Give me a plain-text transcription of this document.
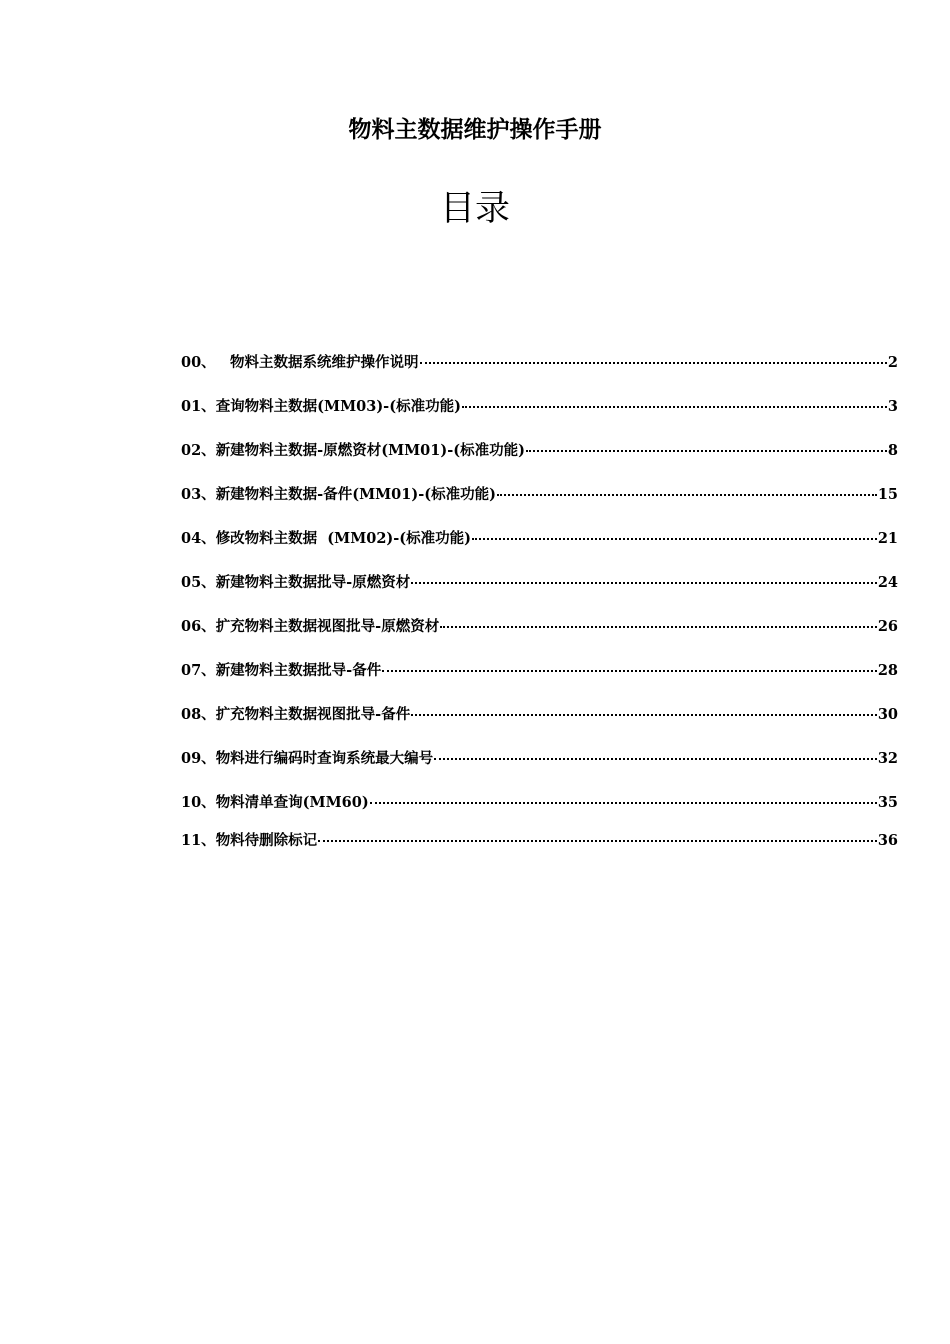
物料主数据维护操作手册
目录
00、 物料主数据系统维护操作说明	2
01、 查询物料主数据(MM03)-(标准功能)	3
02、 新建物料主数据-原燃资材(MM01)-(标准功能)	8
03、 新建物料主数据-备件(MM01)-(标准功能)	15
04、 修改物料主数据  (MM02)-(标准功能)	21
05、 新建物料主数据批导-原燃资材	24
06、 扩充物料主数据视图批导-原燃资材	26
07、 新建物料主数据批导-备件	28
08、 扩充物料主数据视图批导-备件	30
09、 物料进行编码时查询系统最大编号	32
10、 物料清单查询(MM60)	35
11、 物料待删除标记	36
